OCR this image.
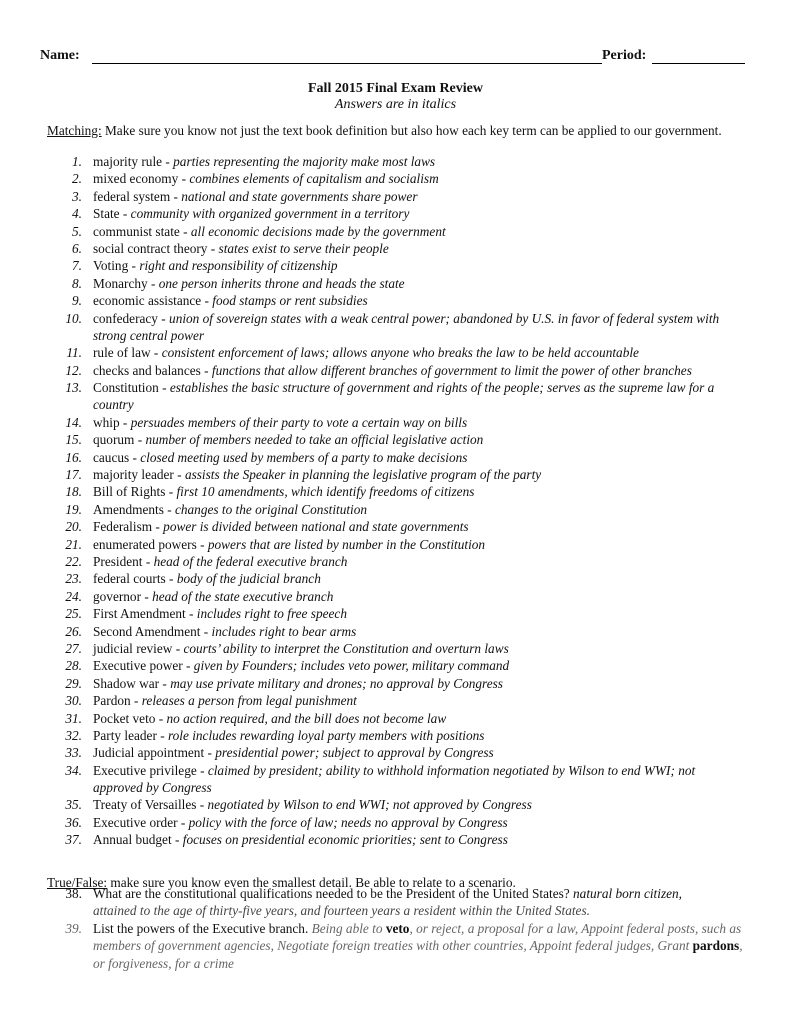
Name:	Period:
Fall 2015 Final Exam Review
Answers are in italics
Matching: Make sure you know not just the text book definition but also how each key term can be applied to our government.
1. majority rule - parties representing the majority make most laws
2. mixed economy - combines elements of capitalism and socialism
3. federal system - national and state governments share power
4. State - community with organized government in a territory
5. communist state - all economic decisions made by the government
6. social contract theory - states exist to serve their people
7. Voting - right and responsibility of citizenship
8. Monarchy - one person inherits throne and heads the state
9. economic assistance - food stamps or rent subsidies
10. confederacy - union of sovereign states with a weak central power; abandoned by U.S. in favor of federal system with
strong central power
11. rule of law - consistent enforcement of laws; allows anyone who breaks the law to be held accountable
12. checks and balances - functions that allow different branches of government to limit the power of other branches
13. Constitution - establishes the basic structure of government and rights of the people; serves as the supreme law for a
country
14. whip - persuades members of their party to vote a certain way on bills
15. quorum - number of members needed to take an official legislative action
16. caucus - closed meeting used by members of a party to make decisions
17. majority leader - assists the Speaker in planning the legislative program of the party
18. Bill of Rights - first 10 amendments, which identify freedoms of citizens
19. Amendments - changes to the original Constitution
20. Federalism - power is divided between national and state governments
21. enumerated powers - powers that are listed by number in the Constitution
22. President - head of the federal executive branch
23. federal courts - body of the judicial branch
24. governor - head of the state executive branch
25. First Amendment - includes right to free speech
26. Second Amendment - includes right to bear arms
27. judicial review - courts’ ability to interpret the Constitution and overturn laws
28. Executive power - given by Founders; includes veto power, military command
29. Shadow war - may use private military and drones; no approval by Congress
30. Pardon - releases a person from legal punishment
31. Pocket veto - no action required, and the bill does not become law
32. Party leader - role includes rewarding loyal party members with positions
33. Judicial appointment - presidential power; subject to approval by Congress
34. Executive privilege - claimed by president; ability to withhold information negotiated by Wilson to end WWI; not
approved by Congress
35. Treaty of Versailles - negotiated by Wilson to end WWI; not approved by Congress
36. Executive order - policy with the force of law; needs no approval by Congress
37. Annual budget - focuses on presidential economic priorities; sent to Congress
True/False: make sure you know even the smallest detail. Be able to relate to a scenario.
38. What are the constitutional qualifications needed to be the President of the United States? natural born citizen,
attained to the age of thirty-five years, and fourteen years a resident within the United States.
39. List the powers of the Executive branch. Being able to veto, or reject, a proposal for a law, Appoint federal posts, such as
members of government agencies, Negotiate foreign treaties with other countries, Appoint federal judges, Grant pardons,
or forgiveness, for a crime
